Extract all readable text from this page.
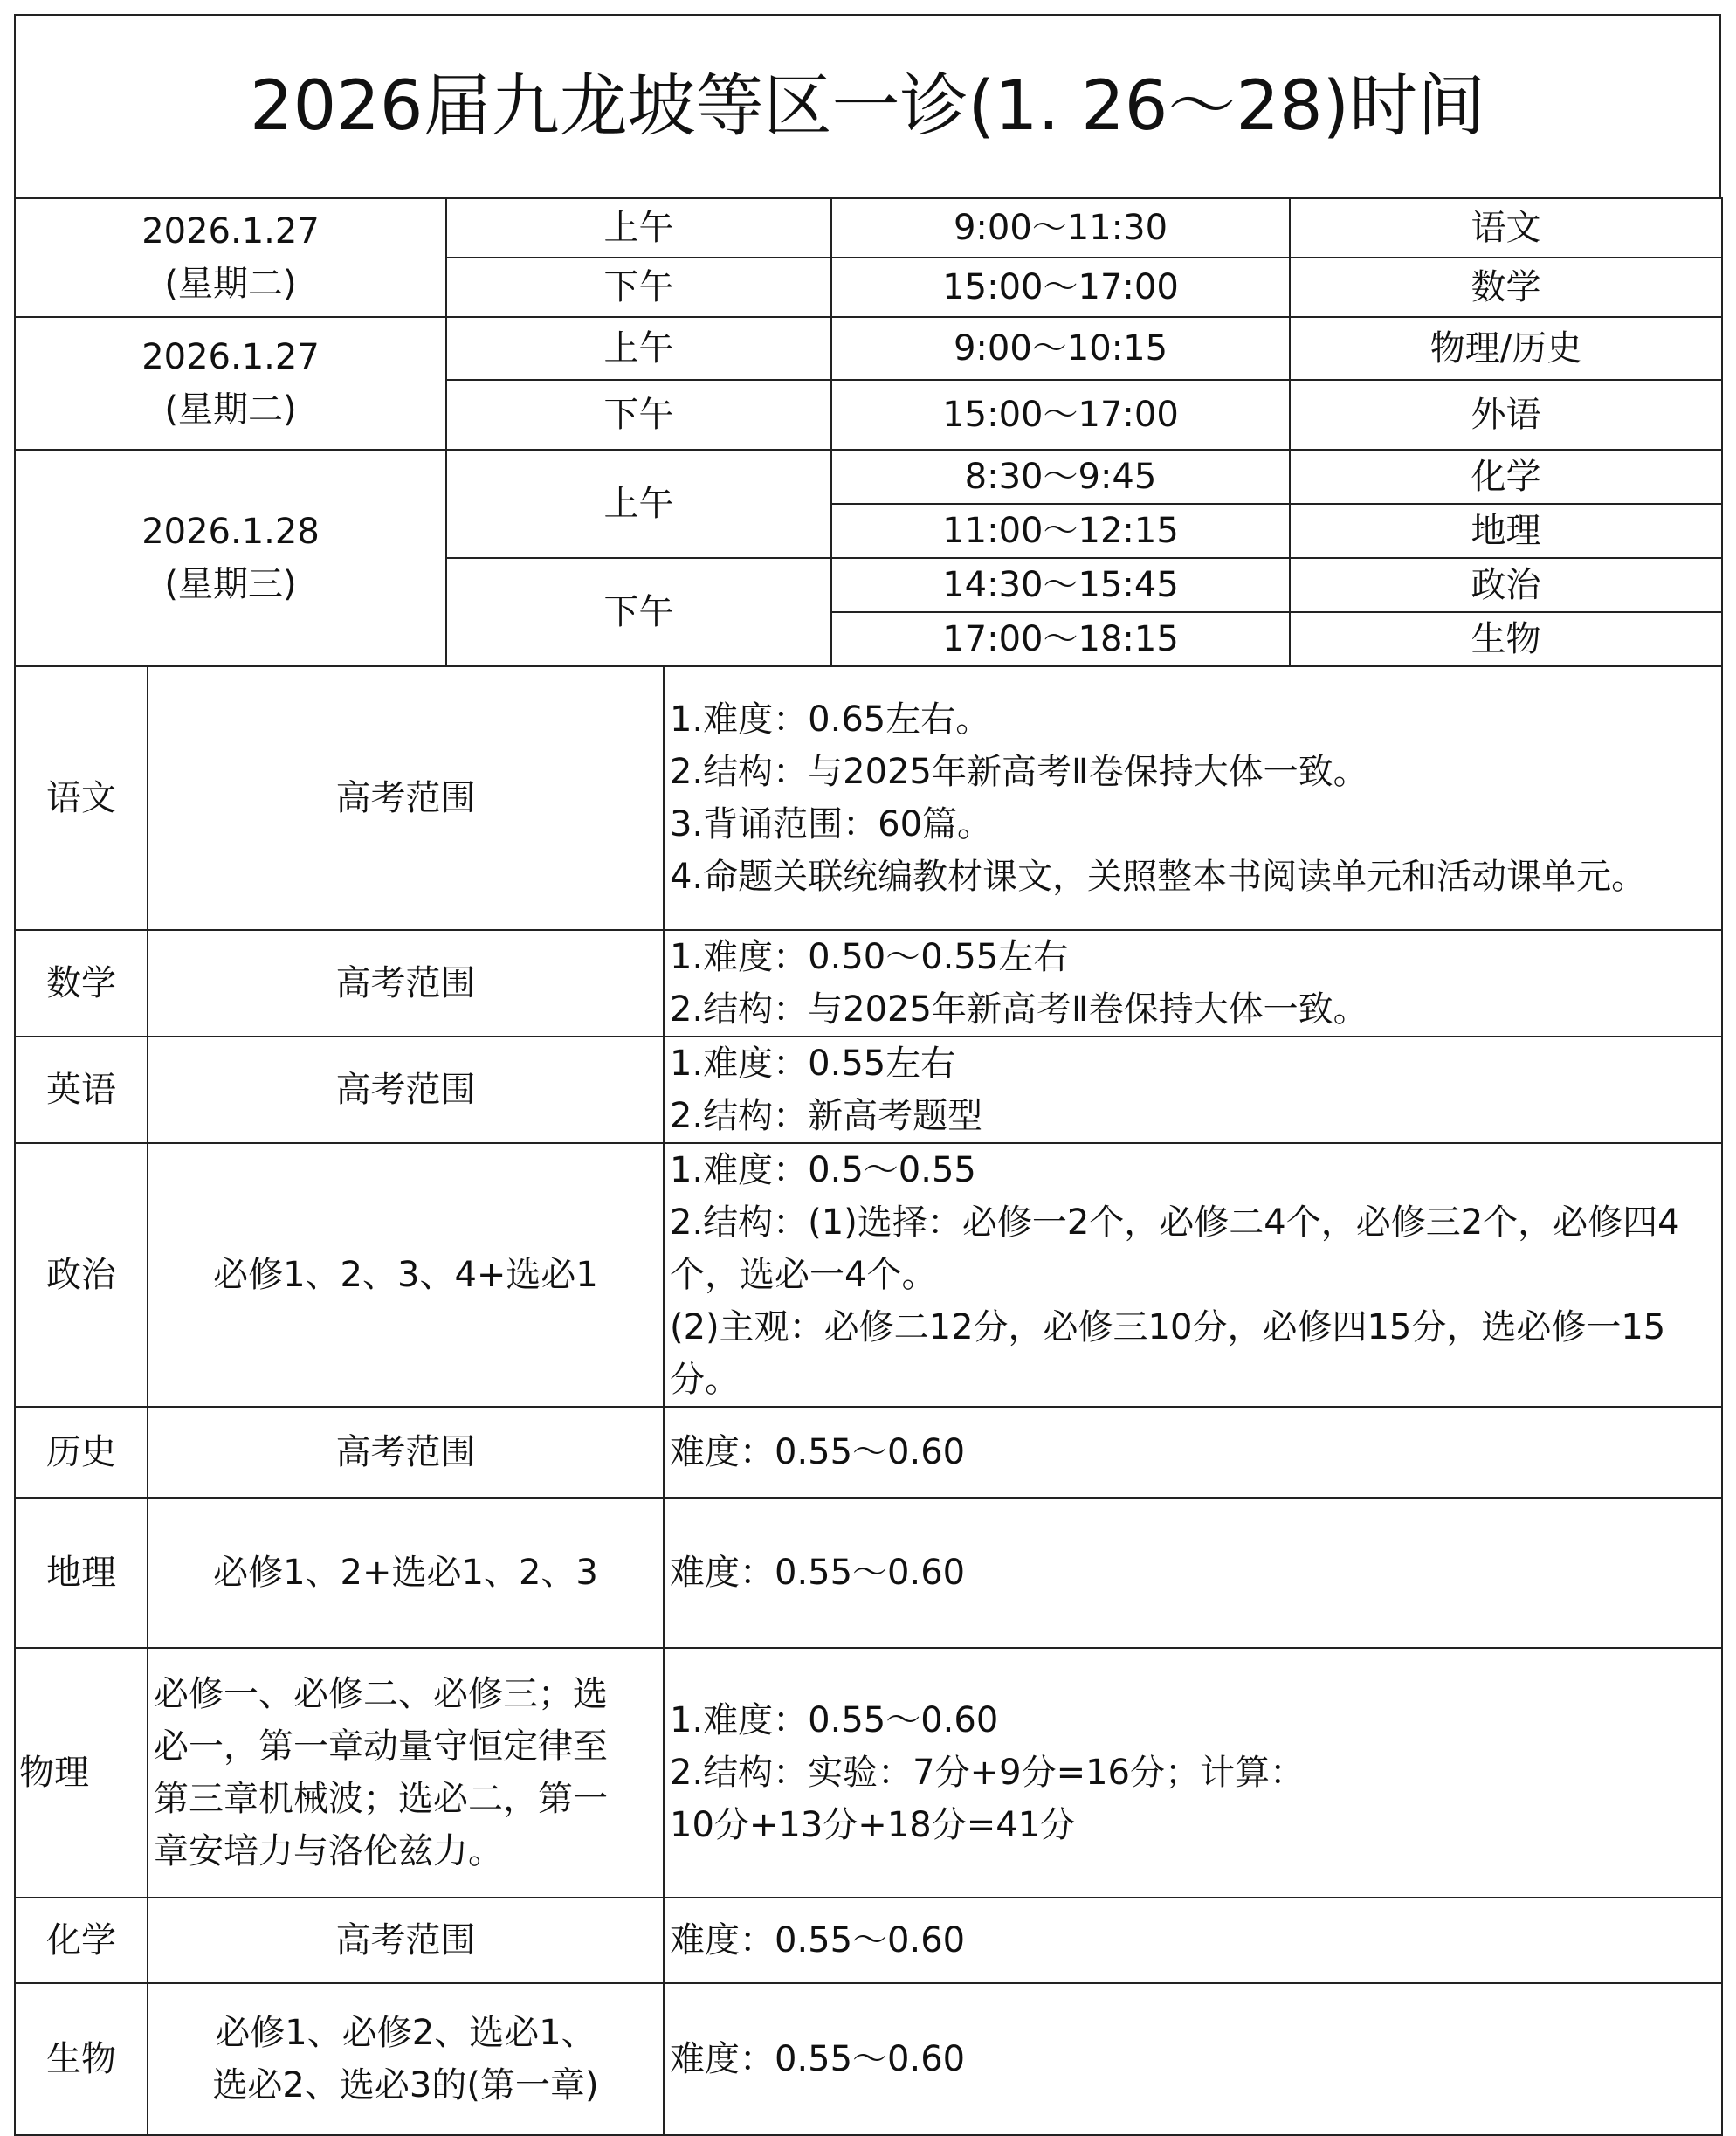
2026届九龙坡等区一诊(1. 26～28)时间
2026.1.27
(星期二)	上午	9:00～11:30	语文
	下午	15:00～17:00	数学

2026.1.27
(星期二)	上午	9:00～10:15	物理/历史
	下午	15:00～17:00	外语

2026.1.28
(星期三)	上午	8:30～9:45	化学
		11:00～12:15	地理
	下午	14:30～15:45	政治
		17:00～18:15	生物
语文	高考范围	1.难度：0.65左右。
2.结构：与2025年新高考Ⅱ卷保持大体一致。
3.背诵范围：60篇。
4.命题关联统编教材课文，关照整本书阅读单元和活动课单元。

数学	高考范围	1.难度：0.50～0.55左右
2.结构：与2025年新高考Ⅱ卷保持大体一致。

英语	高考范围	1.难度：0.55左右
2.结构：新高考题型

政治	必修1、2、3、4+选必1	1.难度：0.5～0.55
2.结构：(1)选择：必修一2个，必修二4个，必修三2个，必修四4
个，选必一4个。
(2)主观：必修二12分，必修三10分，必修四15分，选必修一15
分。

历史	高考范围	难度：0.55～0.60

地理	必修1、2+选必1、2、3	难度：0.55～0.60

物理	必修一、必修二、必修三；选
必一，第一章动量守恒定律至
第三章机械波；选必二，第一
章安培力与洛伦兹力。	1.难度：0.55～0.60
2.结构：实验：7分+9分=16分；计算：
10分+13分+18分=41分

化学	高考范围	难度：0.55～0.60

生物	必修1、必修2、选必1、
选必2、选必3的(第一章)	难度：0.55～0.60
